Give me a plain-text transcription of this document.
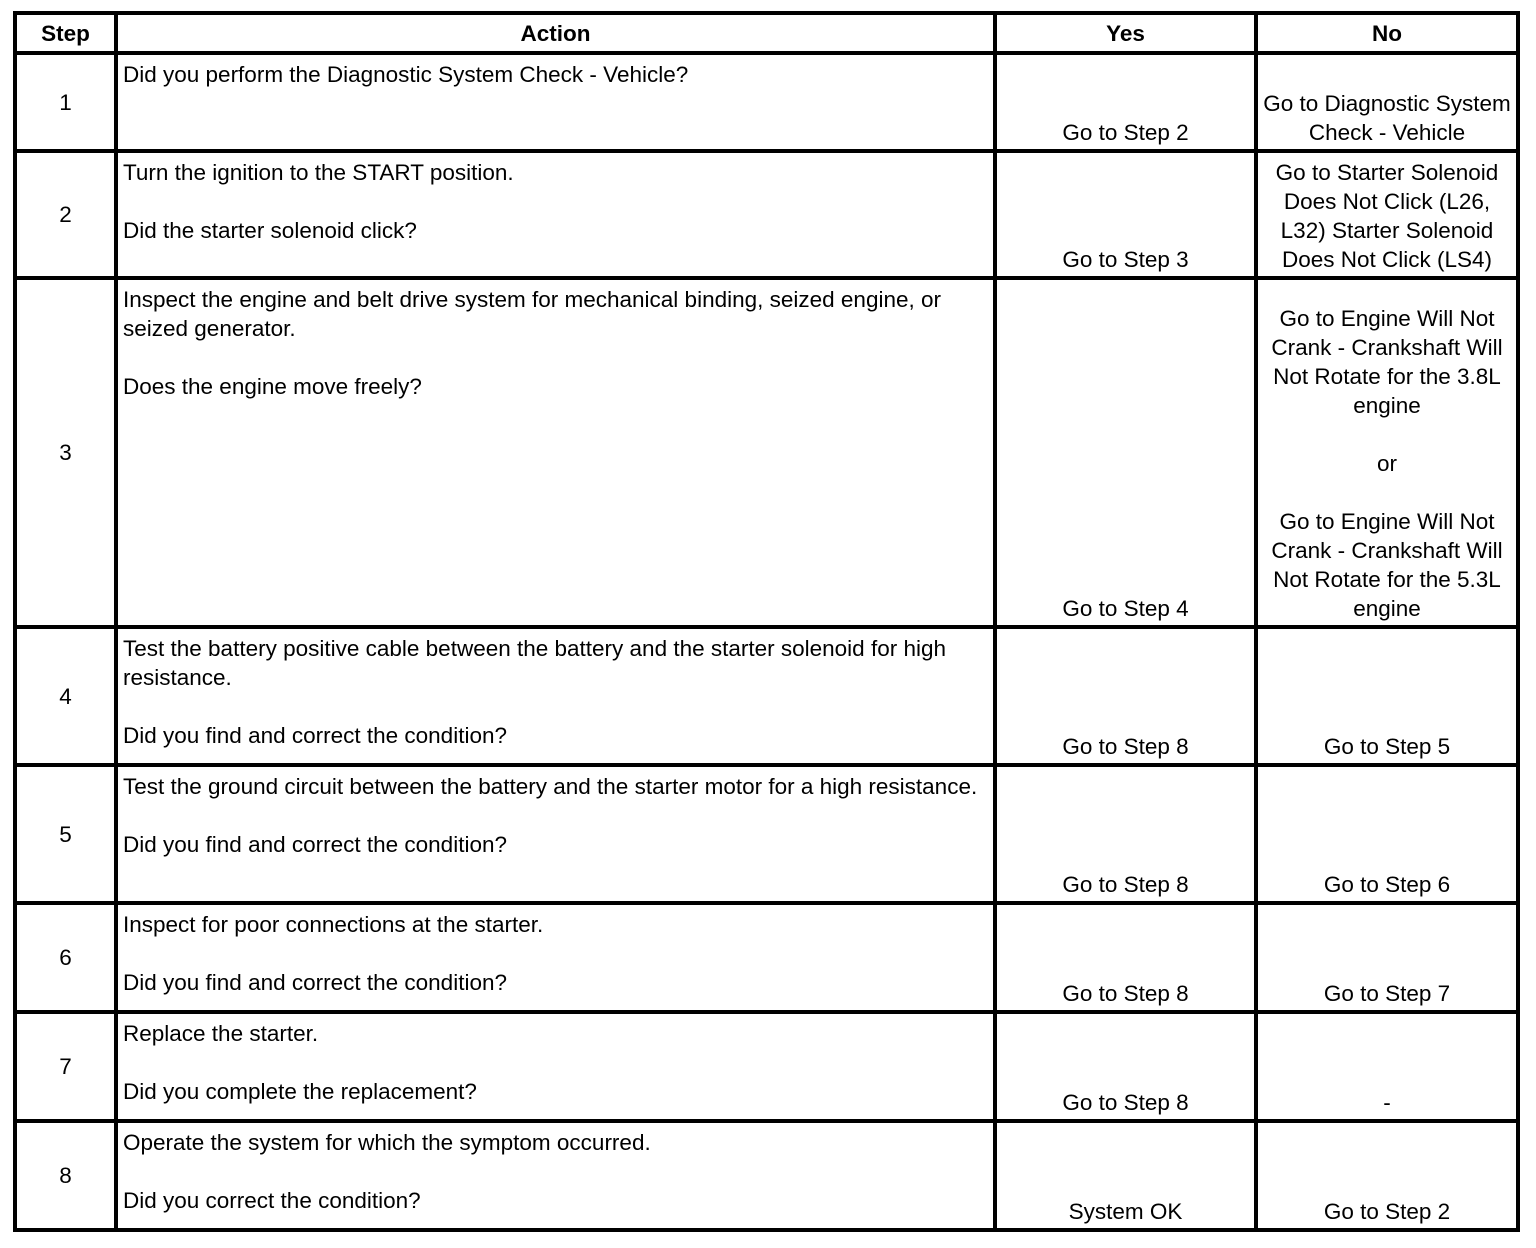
Step	Action	Yes	No
1	Did you perform the Diagnostic System Check - Vehicle?	Go to Step 2	Go to Diagnostic System Check - Vehicle

2	Turn the ignition to the START position.
Did the starter solenoid click?	Go to Step 3	Go to Starter Solenoid Does Not Click (L26, L32) Starter Solenoid Does Not Click (LS4)

3	Inspect the engine and belt drive system for mechanical binding, seized engine, or seized generator.
Does the engine move freely?	Go to Step 4	Go to Engine Will Not Crank - Crankshaft Will Not Rotate for the 3.8L engine
or
Go to Engine Will Not Crank - Crankshaft Will Not Rotate for the 5.3L engine

4	Test the battery positive cable between the battery and the starter solenoid for high resistance.
Did you find and correct the condition?	Go to Step 8	Go to Step 5

5	Test the ground circuit between the battery and the starter motor for a high resistance.
Did you find and correct the condition?	Go to Step 8	Go to Step 6

6	Inspect for poor connections at the starter.
Did you find and correct the condition?	Go to Step 8	Go to Step 7

7	Replace the starter.
Did you complete the replacement?	Go to Step 8	-

8	Operate the system for which the symptom occurred.
Did you correct the condition?	System OK	Go to Step 2
